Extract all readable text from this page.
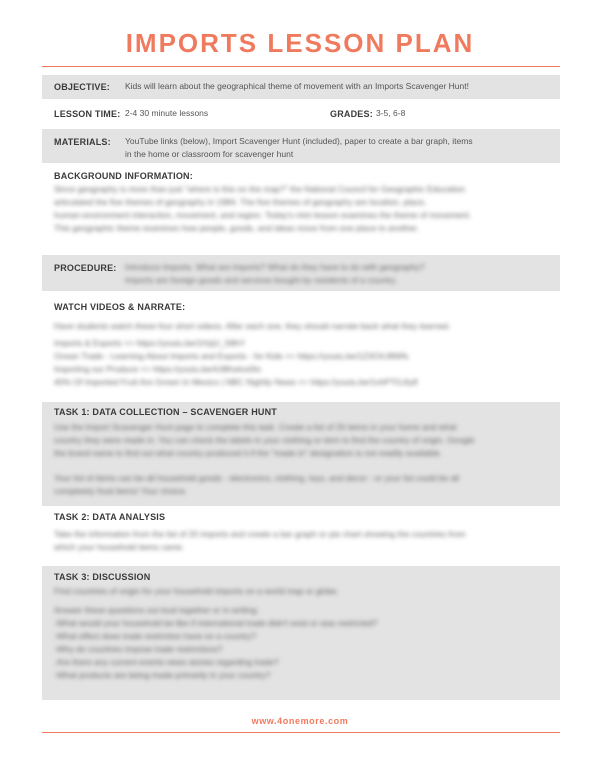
IMPORTS LESSON PLAN
OBJECTIVE: Kids will learn about the geographical theme of movement with an Imports Scavenger Hunt!
LESSON TIME: 2-4 30 minute lessons	GRADES: 3-5, 6-8
MATERIALS: YouTube links (below), Import Scavenger Hunt (included), paper to create a bar graph, items
in the home or classroom for scavenger hunt
BACKGROUND INFORMATION:
Since geography is more than just "where is this on the map?" the National Council for Geographic Education
articulated the five themes of geography in 1984. The five themes of geography are location, place,
human-environment interaction, movement, and region. Today's mini lesson examines the theme of movement.
This geographic theme examines how people, goods, and ideas move from one place to another.
PROCEDURE: Introduce Imports. What are imports? What do they have to do with geography?
Imports are foreign goods and services bought by residents of a country.
WATCH VIDEOS & NARRATE:
Have students watch these four short videos. After each one, they should narrate back what they learned.
Imports & Exports => https://youtu.be/1HzjU_S8hY
Ocean Trade - Learning About Imports and Exports - for Kids => https://youtu.be/1Z3OXJ8Wfs
Importing our Produce => https://youtu.be/4J8Kwlvs0Io
40% Of Imported Fruit Are Grown In Mexico | NBC Nightly News => https://youtu.be/1xhPTGJty8
TASK 1: DATA COLLECTION – SCAVENGER HUNT
Use the Import Scavenger Hunt page to complete this task. Create a list of 20 items in your home and what
country they were made in. You can check the labels in your clothing or item to find the country of origin. Google
the brand name to find out what country produced it if the "made in" designation is not readily available.
Your list of items can be all household goods - electronics, clothing, toys, and decor - or your list could be all
completely food items! Your choice.
TASK 2: DATA ANALYSIS
Take the information from the list of 20 imports and create a bar graph or pie chart showing the countries from
which your household items came.
TASK 3: DISCUSSION
Find countries of origin for your household imports on a world map or globe.
Answer these questions out loud together or in writing:
-What would your household be like if international trade didn't exist or was restricted?
-What effect does trade restriction have on a country?
-Why do countries impose trade restrictions?
-Are there any current events news stories regarding trade?
-What products are being made primarily in your country?
www.4onemore.com
